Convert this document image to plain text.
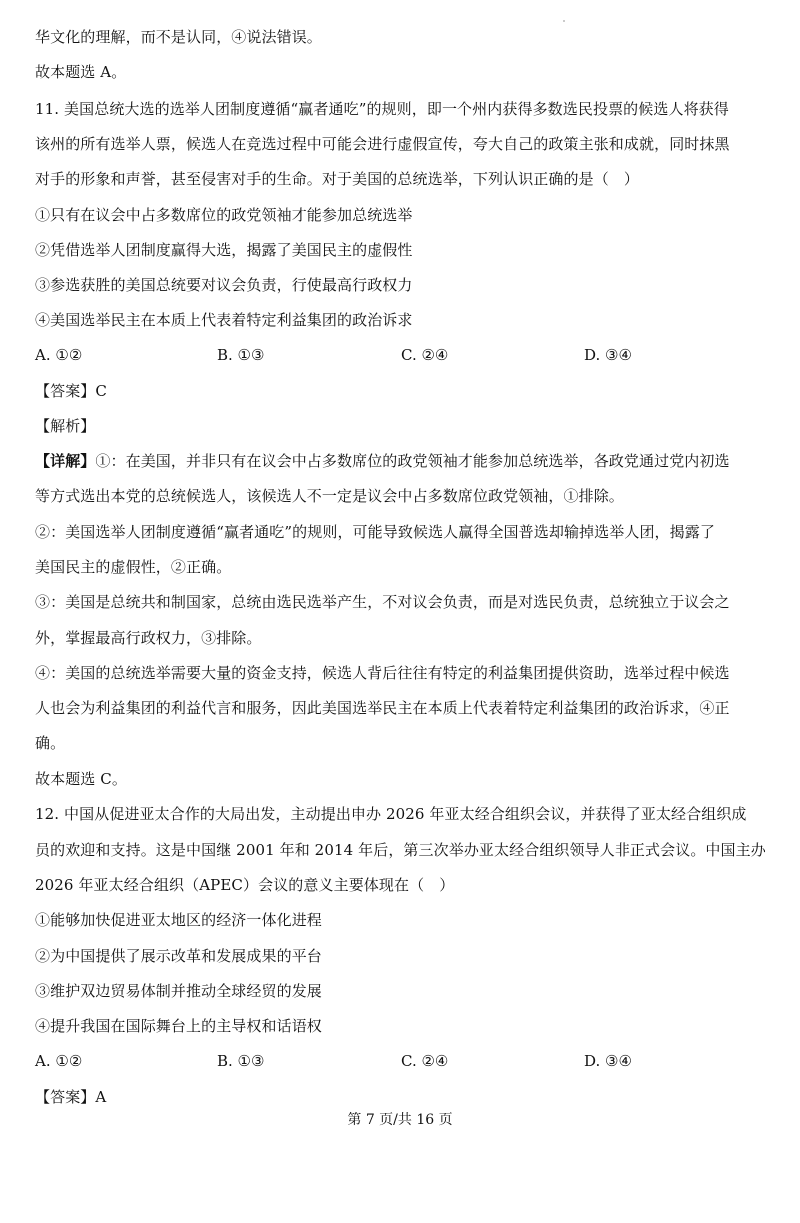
华文化的理解，而不是认同，④说法错误。
故本题选 A。
11. 美国总统大选的选举人团制度遵循“赢者通吃”的规则，即一个州内获得多数选民投票的候选人将获得
该州的所有选举人票，候选人在竞选过程中可能会进行虚假宣传，夸大自己的政策主张和成就，同时抹黑
对手的形象和声誉，甚至侵害对手的生命。对于美国的总统选举，下列认识正确的是（　）
①只有在议会中占多数席位的政党领袖才能参加总统选举
②凭借选举人团制度赢得大选，揭露了美国民主的虚假性
③参选获胜的美国总统要对议会负责，行使最高行政权力
④美国选举民主在本质上代表着特定利益集团的政治诉求
A. ①②	B. ①③	C. ②④	D. ③④
【答案】C
【解析】
【详解】①：在美国，并非只有在议会中占多数席位的政党领袖才能参加总统选举，各政党通过党内初选
等方式选出本党的总统候选人，该候选人不一定是议会中占多数席位政党领袖，①排除。
②：美国选举人团制度遵循“赢者通吃”的规则，可能导致候选人赢得全国普选却输掉选举人团，揭露了
美国民主的虚假性，②正确。
③：美国是总统共和制国家，总统由选民选举产生，不对议会负责，而是对选民负责，总统独立于议会之
外，掌握最高行政权力，③排除。
④：美国的总统选举需要大量的资金支持，候选人背后往往有特定的利益集团提供资助，选举过程中候选
人也会为利益集团的利益代言和服务，因此美国选举民主在本质上代表着特定利益集团的政治诉求，④正
确。
故本题选 C。
12. 中国从促进亚太合作的大局出发，主动提出申办 2026 年亚太经合组织会议，并获得了亚太经合组织成
员的欢迎和支持。这是中国继 2001 年和 2014 年后，第三次举办亚太经合组织领导人非正式会议。中国主办
2026 年亚太经合组织（APEC）会议的意义主要体现在（　）
①能够加快促进亚太地区的经济一体化进程
②为中国提供了展示改革和发展成果的平台
③维护双边贸易体制并推动全球经贸的发展
④提升我国在国际舞台上的主导权和话语权
A. ①②	B. ①③	C. ②④	D. ③④
【答案】A
第 7 页/共 16 页
